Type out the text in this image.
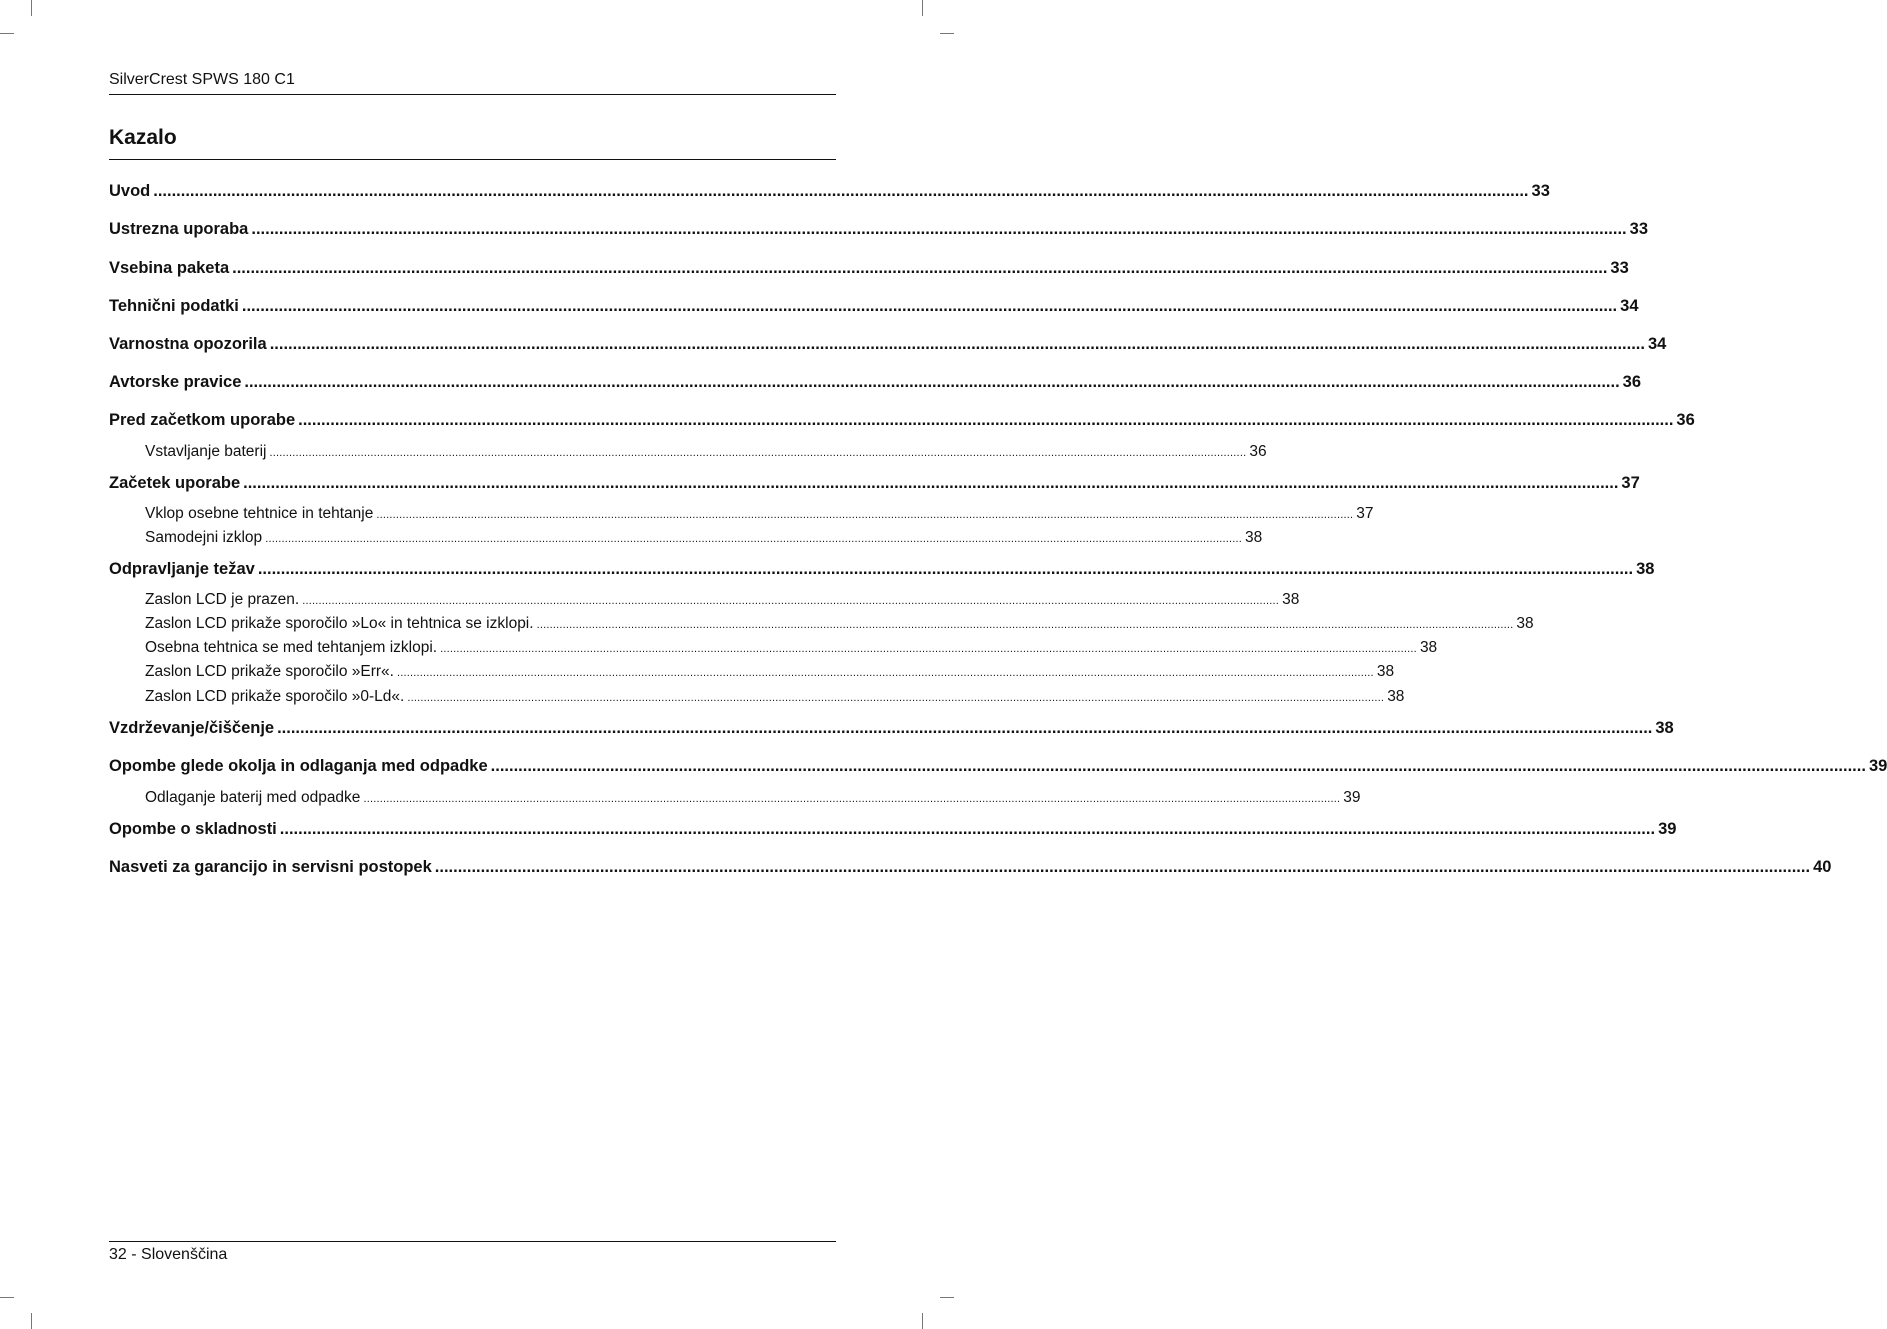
SilverCrest SPWS 180 C1
Kazalo
Uvod ............................................................................................................................................................................................................................................................................................................ 33
Ustrezna uporaba ............................................................................................................................................................................................................................................................................................................ 33
Vsebina paketa ............................................................................................................................................................................................................................................................................................................ 33
Tehnični podatki ............................................................................................................................................................................................................................................................................................................ 34
Varnostna opozorila ............................................................................................................................................................................................................................................................................................................ 34
Avtorske pravice ............................................................................................................................................................................................................................................................................................................ 36
Pred začetkom uporabe ............................................................................................................................................................................................................................................................................................................ 36
Vstavljanje baterij ............................................................................................................................................................................................................................................................................................................ 36
Začetek uporabe ............................................................................................................................................................................................................................................................................................................ 37
Vklop osebne tehtnice in tehtanje ............................................................................................................................................................................................................................................................................................................ 37
Samodejni izklop ............................................................................................................................................................................................................................................................................................................ 38
Odpravljanje težav ............................................................................................................................................................................................................................................................................................................ 38
Zaslon LCD je prazen. ............................................................................................................................................................................................................................................................................................................ 38
Zaslon LCD prikaže sporočilo »Lo« in tehtnica se izklopi. ............................................................................................................................................................................................................................................................................................................ 38
Osebna tehtnica se med tehtanjem izklopi. ............................................................................................................................................................................................................................................................................................................ 38
Zaslon LCD prikaže sporočilo »Err«. ............................................................................................................................................................................................................................................................................................................ 38
Zaslon LCD prikaže sporočilo »0-Ld«. ............................................................................................................................................................................................................................................................................................................ 38
Vzdrževanje/čiščenje ............................................................................................................................................................................................................................................................................................................ 38
Opombe glede okolja in odlaganja med odpadke ............................................................................................................................................................................................................................................................................................................ 39
Odlaganje baterij med odpadke ............................................................................................................................................................................................................................................................................................................ 39
Opombe o skladnosti ............................................................................................................................................................................................................................................................................................................ 39
Nasveti za garancijo in servisni postopek ............................................................................................................................................................................................................................................................................................................ 40
32 - Slovenščina
